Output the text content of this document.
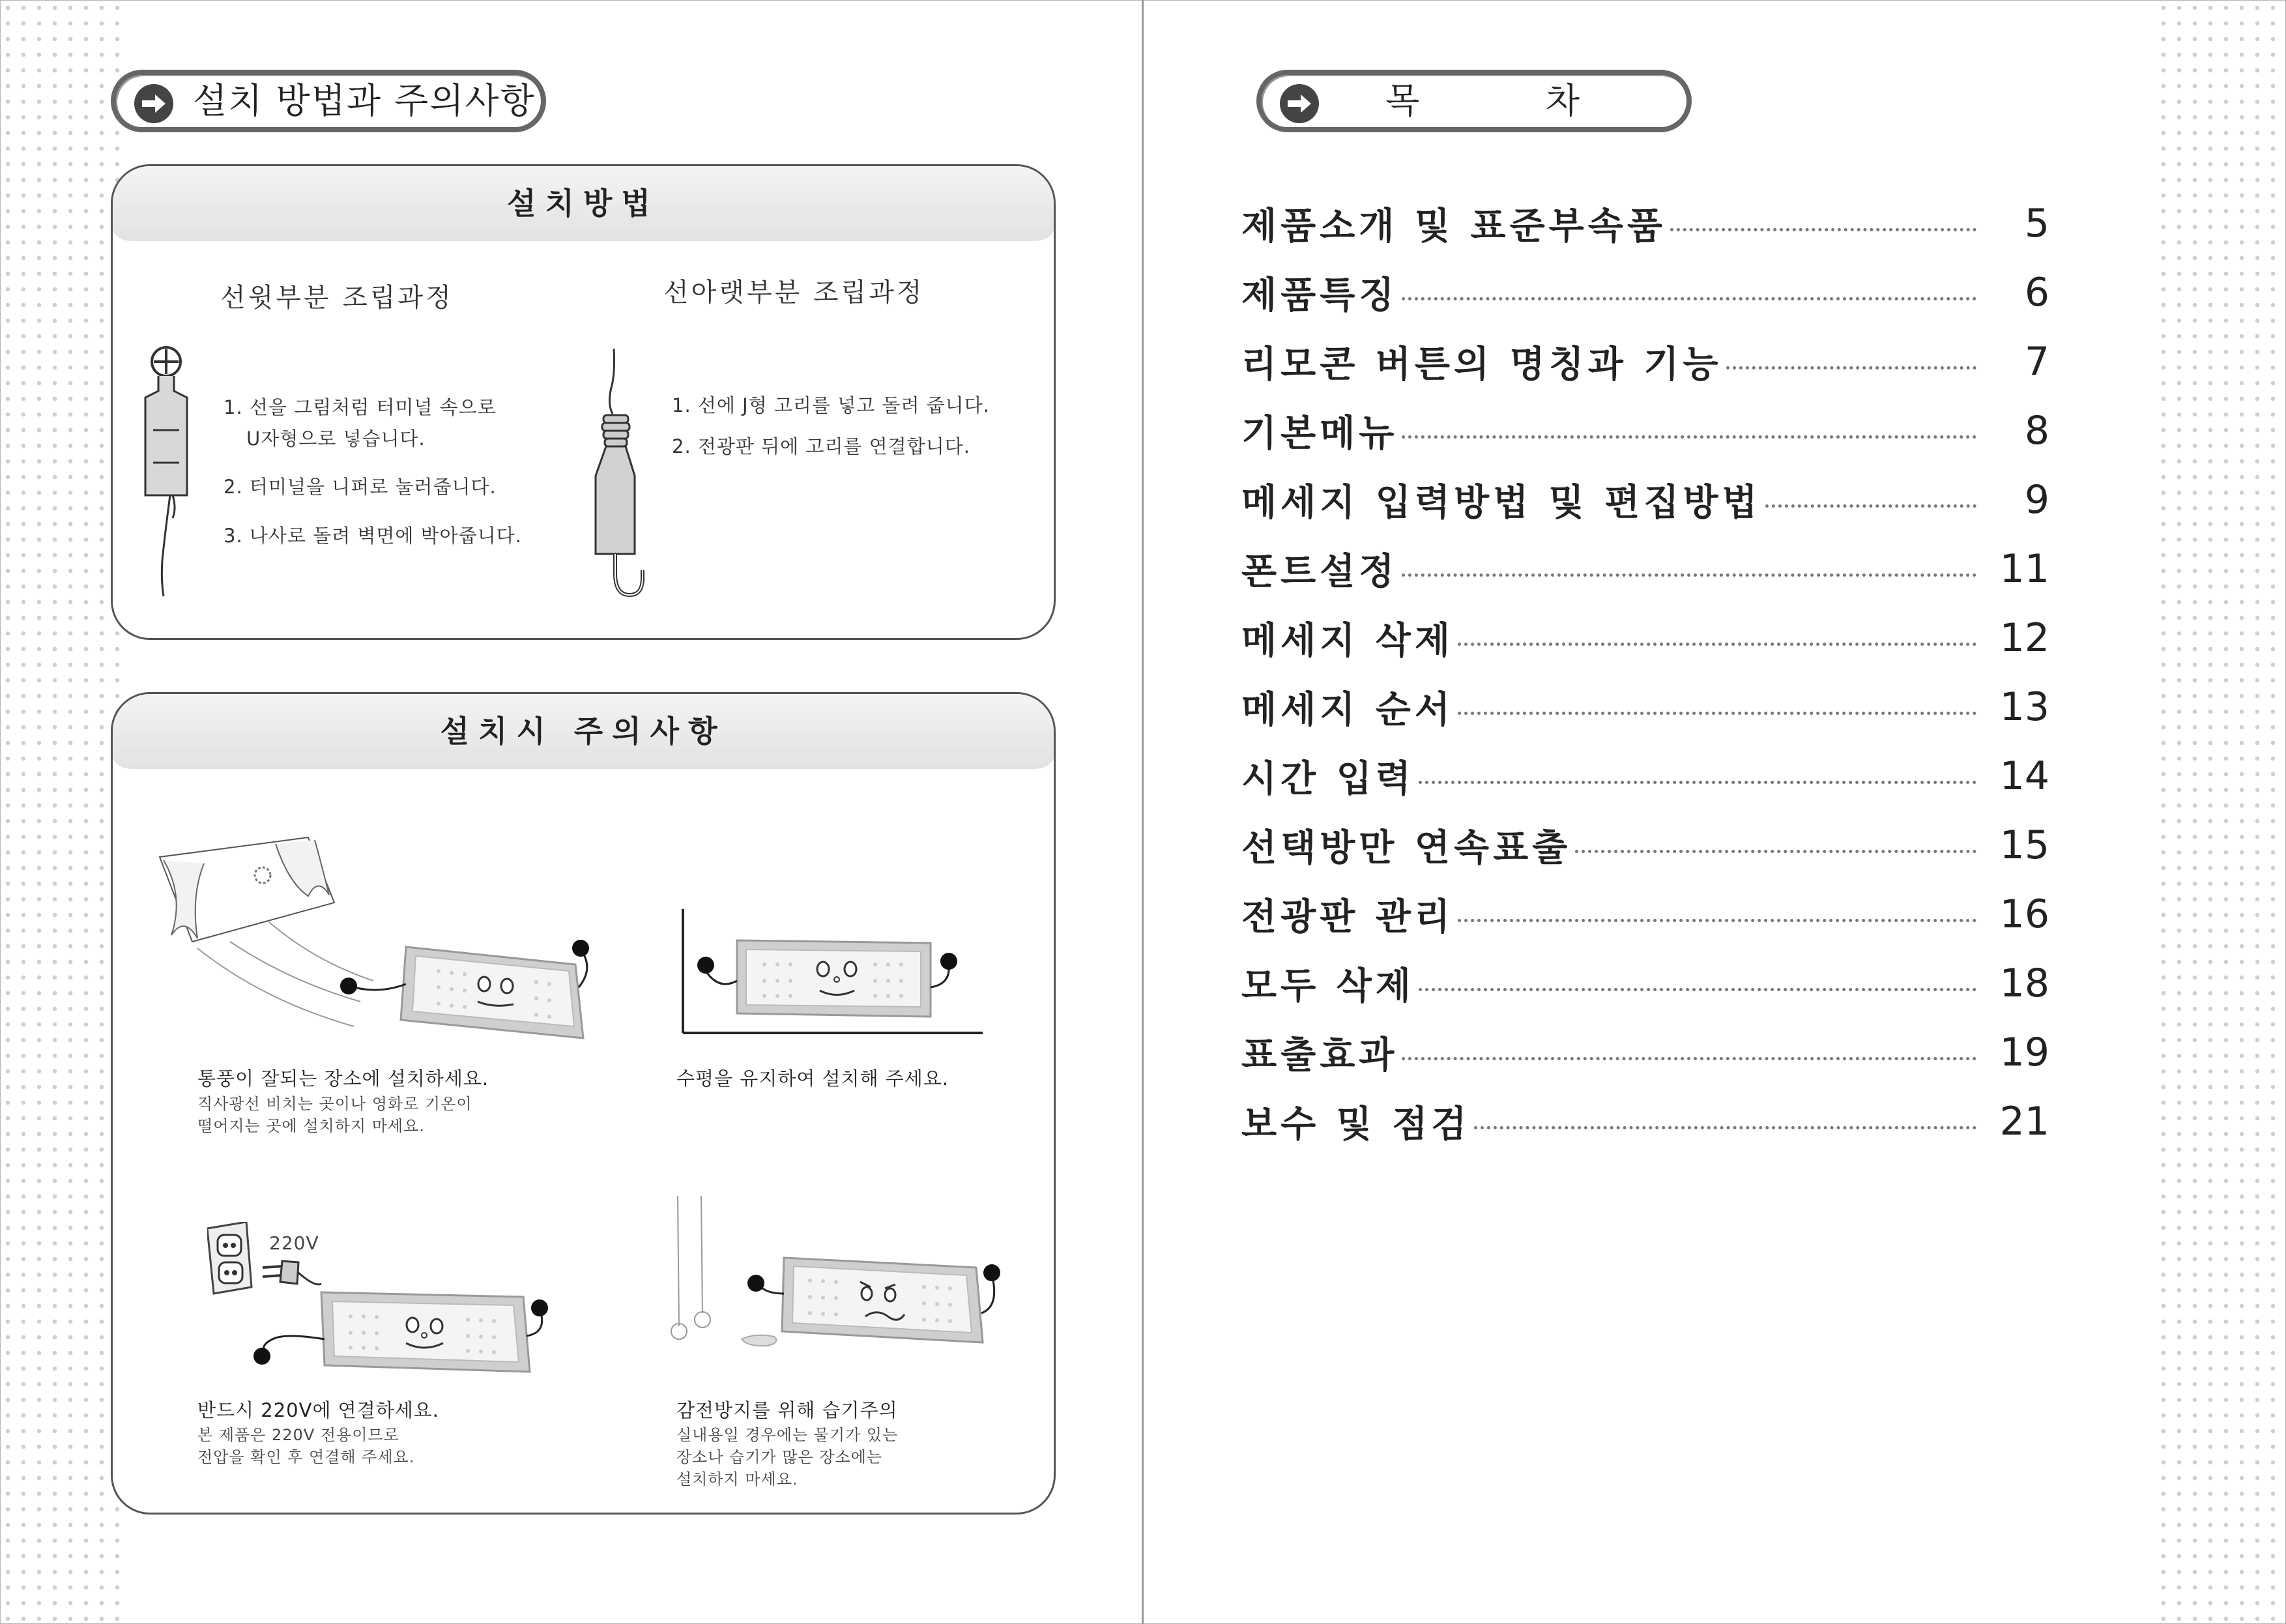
설치 방법과 주의사항
설치방법
선윗부분 조립과정	선아랫부분 조립과정
1. 선을 그림처럼 터미널 속으로
U자형으로 넣습니다.
2. 터미널을 니퍼로 눌러줍니다.
3. 나사로 돌려 벽면에 박아줍니다.
1. 선에 J형 고리를 넣고 돌려 줍니다.
2. 전광판 뒤에 고리를 연결합니다.
설치시 주의사항
통풍이 잘되는 장소에 설치하세요.
직사광선 비치는 곳이나 영화로 기온이
떨어지는 곳에 설치하지 마세요.
수평을 유지하여 설치해 주세요.
220V
반드시 220V에 연결하세요.
본 제품은 220V 전용이므로
전압을 확인 후 연결해 주세요.
감전방지를 위해 습기주의
실내용일 경우에는 물기가 있는
장소나 습기가 많은 장소에는
설치하지 마세요.
목          차
제품소개 및 표준부속품	5
제품특징	6
리모콘 버튼의 명칭과 기능	7
기본메뉴	8
메세지 입력방법 및 편집방법	9
폰트설정	11
메세지 삭제	12
메세지 순서	13
시간 입력	14
선택방만 연속표출	15
전광판 관리	16
모두 삭제	18
표출효과	19
보수 및 점검	21
